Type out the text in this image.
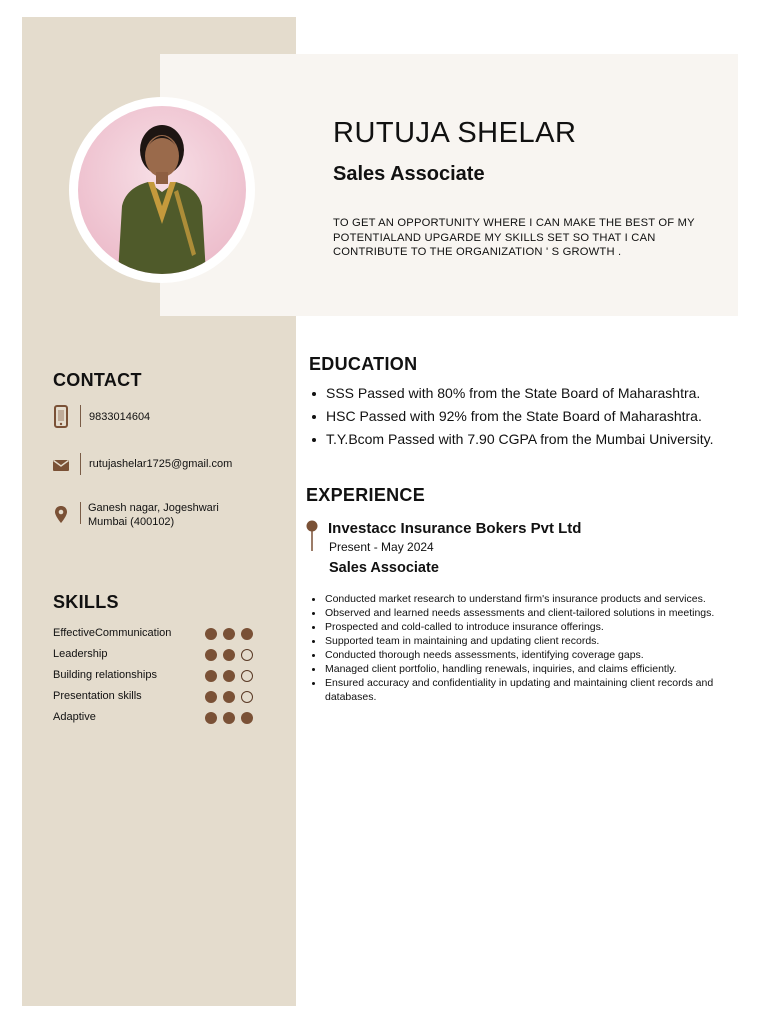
RUTUJA SHELAR
Sales Associate
TO GET AN OPPORTUNITY WHERE I CAN MAKE THE BEST OF MY POTENTIALAND UPGARDE MY SKILLS SET SO THAT I CAN CONTRIBUTE TO THE ORGANIZATION ' S GROWTH .
CONTACT
9833014604
rutujashelar1725@gmail.com
Ganesh nagar, Jogeshwari
Mumbai (400102)
SKILLS
EffectiveCommunication
Leadership
Building relationships
Presentation skills
Adaptive
EDUCATION
SSS Passed with 80% from the State Board of Maharashtra.
HSC Passed with 92% from the State Board of Maharashtra.
T.Y.Bcom Passed with 7.90 CGPA from the Mumbai University.
EXPERIENCE
Investacc Insurance Bokers Pvt Ltd
Present - May 2024
Sales Associate
Conducted market research to understand firm's insurance products and services.
Observed and learned needs assessments and client-tailored solutions in meetings.
Prospected and cold-called to introduce insurance offerings.
Supported team in maintaining and updating client records.
Conducted thorough needs assessments, identifying coverage gaps.
Managed client portfolio, handling renewals, inquiries, and claims efficiently.
Ensured accuracy and confidentiality in updating and maintaining client records and databases.
